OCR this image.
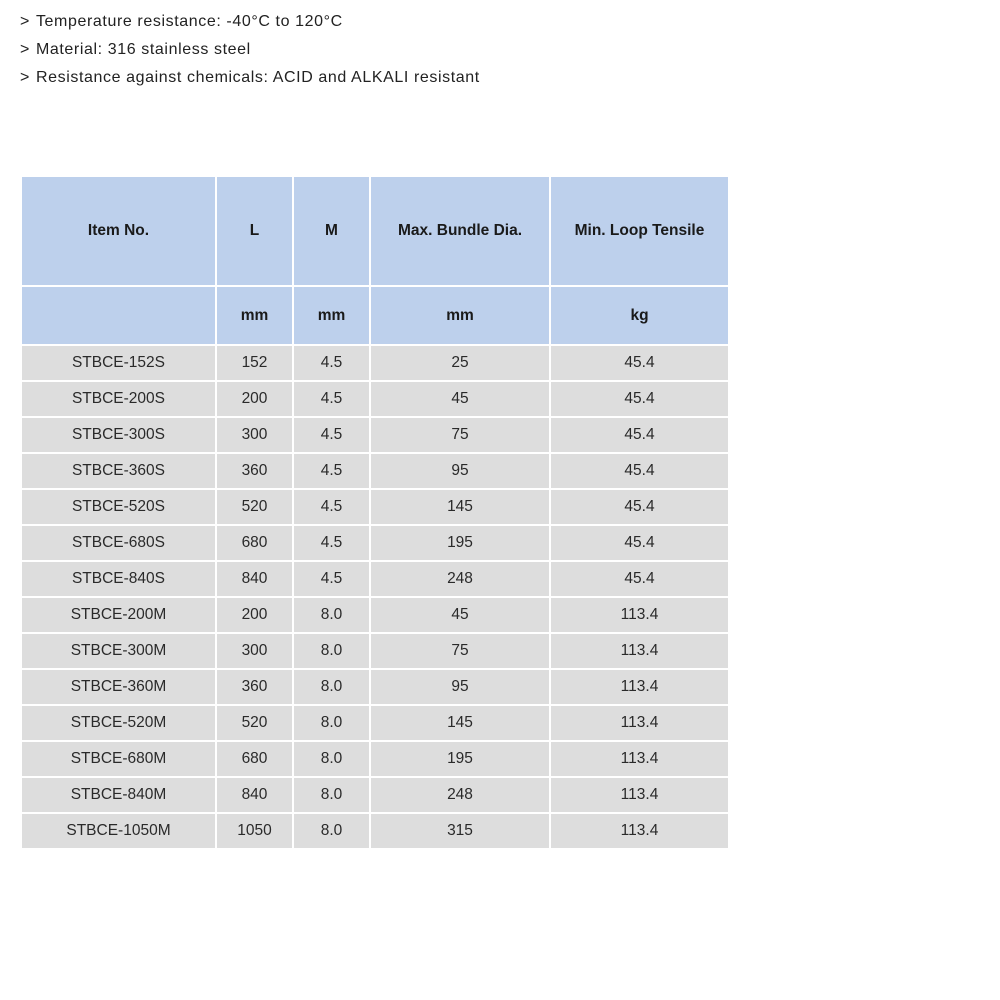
> Temperature resistance: -40°C to 120°C
> Material: 316 stainless steel
> Resistance against chemicals: ACID and ALKALI resistant
Item No.	L	M	Max. Bundle Dia.	Min. Loop Tensile
	mm	mm	mm	kg
STBCE-152S	152	4.5	25	45.4
STBCE-200S	200	4.5	45	45.4
STBCE-300S	300	4.5	75	45.4
STBCE-360S	360	4.5	95	45.4
STBCE-520S	520	4.5	145	45.4
STBCE-680S	680	4.5	195	45.4
STBCE-840S	840	4.5	248	45.4
STBCE-200M	200	8.0	45	113.4
STBCE-300M	300	8.0	75	113.4
STBCE-360M	360	8.0	95	113.4
STBCE-520M	520	8.0	145	113.4
STBCE-680M	680	8.0	195	113.4
STBCE-840M	840	8.0	248	113.4
STBCE-1050M	1050	8.0	315	113.4
